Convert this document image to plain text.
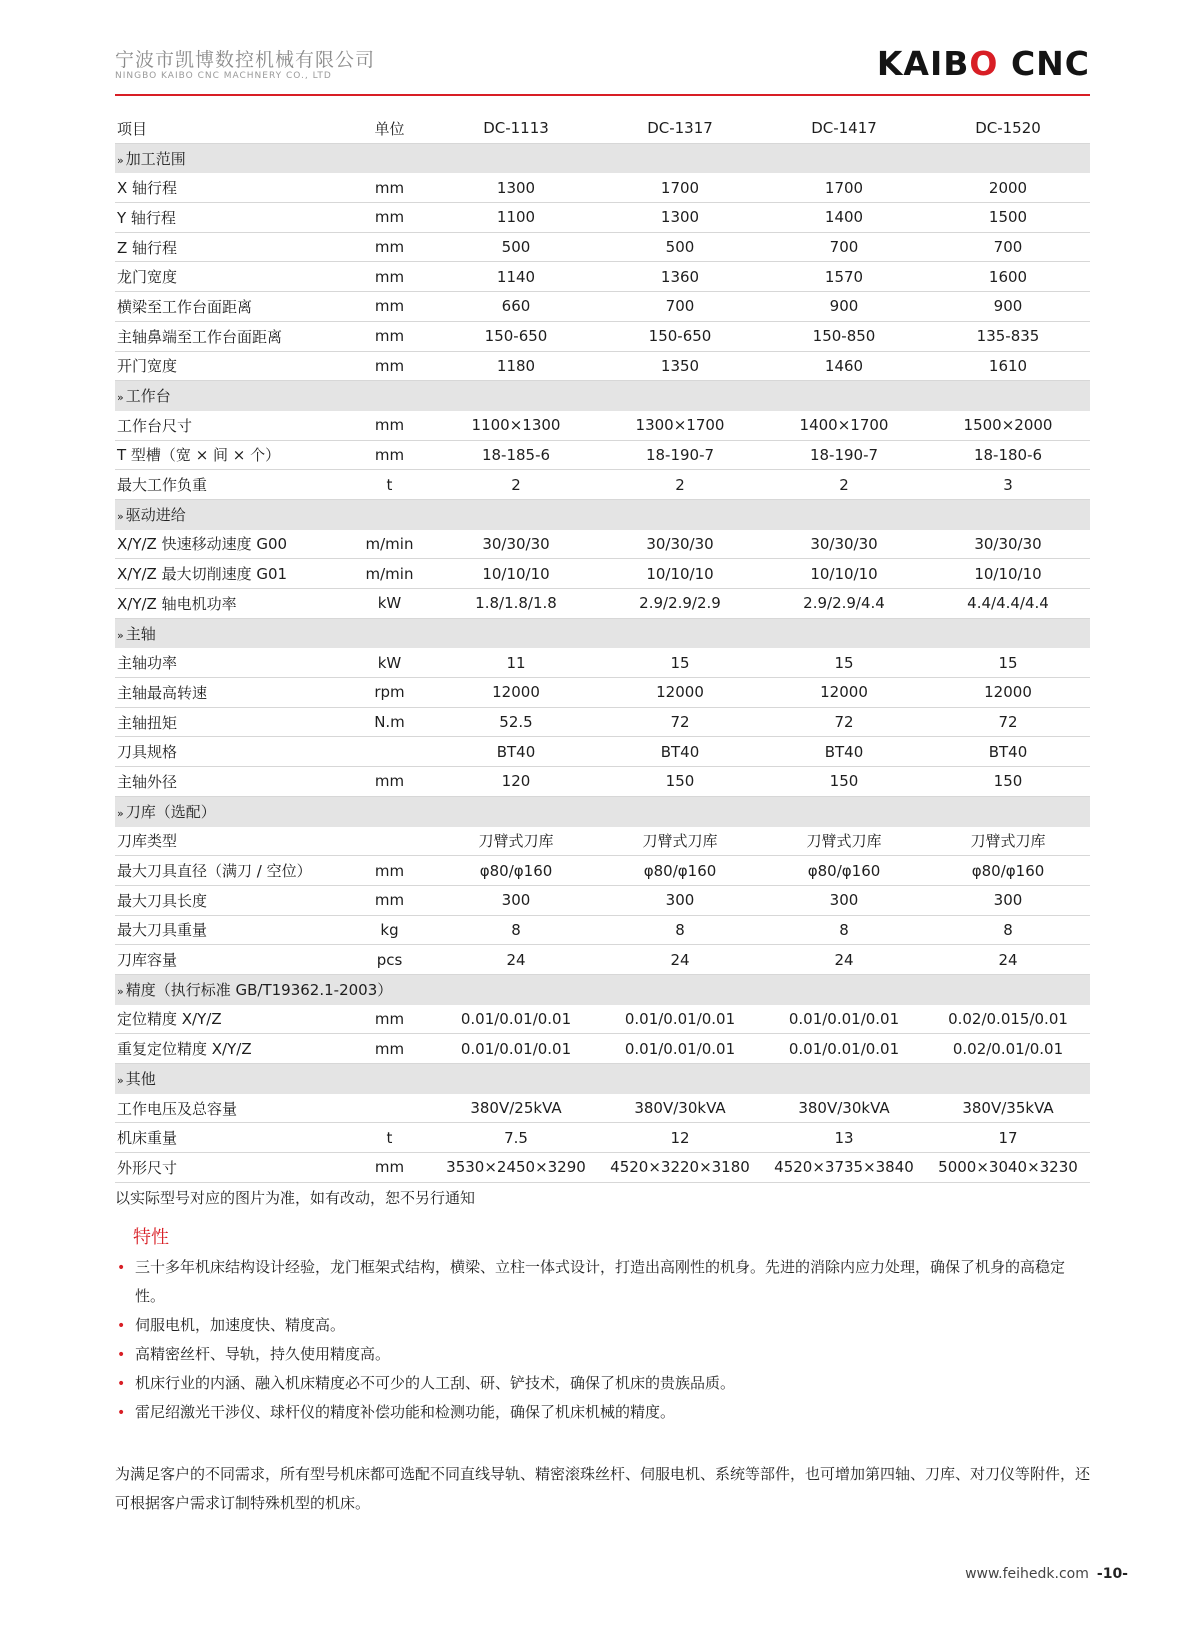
宁波市凯博数控机械有限公司
NINGBO KAIBO CNC MACHNERY CO., LTD	KAIBO CNC
项目	单位	DC-1113	DC-1317	DC-1417	DC-1520
» 加工范围					
X 轴行程	mm	1300	1700	1700	2000
Y 轴行程	mm	1100	1300	1400	1500
Z 轴行程	mm	500	500	700	700
龙门宽度	mm	1140	1360	1570	1600
横梁至工作台面距离	mm	660	700	900	900
主轴鼻端至工作台面距离	mm	150-650	150-650	150-850	135-835
开门宽度	mm	1180	1350	1460	1610
» 工作台					
工作台尺寸	mm	1100×1300	1300×1700	1400×1700	1500×2000
T 型槽（宽 × 间 × 个）	mm	18-185-6	18-190-7	18-190-7	18-180-6
最大工作负重	t	2	2	2	3
» 驱动进给					
X/Y/Z 快速移动速度 G00	m/min	30/30/30	30/30/30	30/30/30	30/30/30
X/Y/Z 最大切削速度 G01	m/min	10/10/10	10/10/10	10/10/10	10/10/10
X/Y/Z 轴电机功率	kW	1.8/1.8/1.8	2.9/2.9/2.9	2.9/2.9/4.4	4.4/4.4/4.4
» 主轴					
主轴功率	kW	11	15	15	15
主轴最高转速	rpm	12000	12000	12000	12000
主轴扭矩	N.m	52.5	72	72	72
刀具规格		BT40	BT40	BT40	BT40
主轴外径	mm	120	150	150	150
» 刀库（选配）					
刀库类型		刀臂式刀库	刀臂式刀库	刀臂式刀库	刀臂式刀库
最大刀具直径（满刀 / 空位）	mm	φ80/φ160	φ80/φ160	φ80/φ160	φ80/φ160
最大刀具长度	mm	300	300	300	300
最大刀具重量	kg	8	8	8	8
刀库容量	pcs	24	24	24	24
» 精度（执行标准 GB/T19362.1-2003）					
定位精度 X/Y/Z	mm	0.01/0.01/0.01	0.01/0.01/0.01	0.01/0.01/0.01	0.02/0.015/0.01
重复定位精度 X/Y/Z	mm	0.01/0.01/0.01	0.01/0.01/0.01	0.01/0.01/0.01	0.02/0.01/0.01
» 其他					
工作电压及总容量		380V/25kVA	380V/30kVA	380V/30kVA	380V/35kVA
机床重量	t	7.5	12	13	17
外形尺寸	mm	3530×2450×3290	4520×3220×3180	4520×3735×3840	5000×3040×3230
以实际型号对应的图片为准，如有改动，恕不另行通知
特性
• 三十多年机床结构设计经验，龙门框架式结构，横梁、立柱一体式设计，打造出高刚性的机身。先进的消除内应力处理，确保了机身的高稳定性。
• 伺服电机，加速度快、精度高。
• 高精密丝杆、导轨，持久使用精度高。
• 机床行业的内涵、融入机床精度必不可少的人工刮、研、铲技术，确保了机床的贵族品质。
• 雷尼绍激光干涉仪、球杆仪的精度补偿功能和检测功能，确保了机床机械的精度。
为满足客户的不同需求，所有型号机床都可选配不同直线导轨、精密滚珠丝杆、伺服电机、系统等部件，也可增加第四轴、刀库、对刀仪等附件，还可根据客户需求订制特殊机型的机床。
www.feihedk.com -10-
